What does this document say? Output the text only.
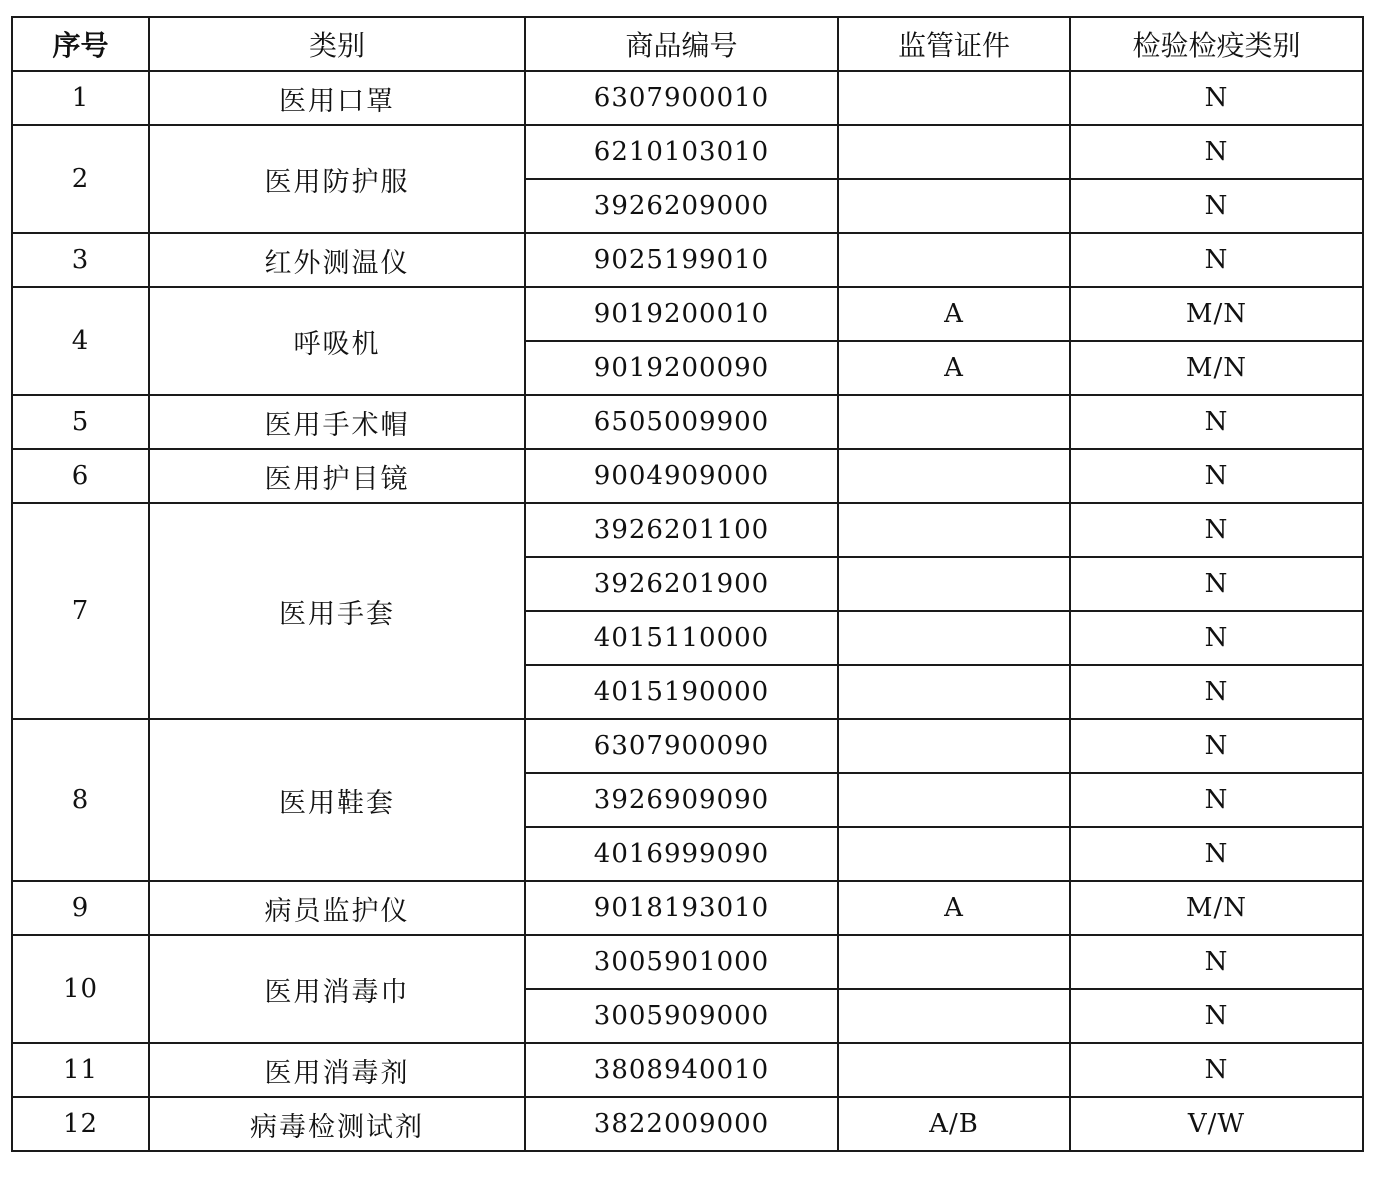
序号	类别	商品编号	监管证件	检验检疫类别
1	医用口罩	6307900010		N
2	医用防护服	6210103010		N
		3926209000		N
3	红外测温仪	9025199010		N
4	呼吸机	9019200010	A	M/N
		9019200090	A	M/N
5	医用手术帽	6505009900		N
6	医用护目镜	9004909000		N
7	医用手套	3926201100		N
		3926201900		N
		4015110000		N
		4015190000		N
8	医用鞋套	6307900090		N
		3926909090		N
		4016999090		N
9	病员监护仪	9018193010	A	M/N
10	医用消毒巾	3005901000		N
		3005909000		N
11	医用消毒剂	3808940010		N
12	病毒检测试剂	3822009000	A/B	V/W
